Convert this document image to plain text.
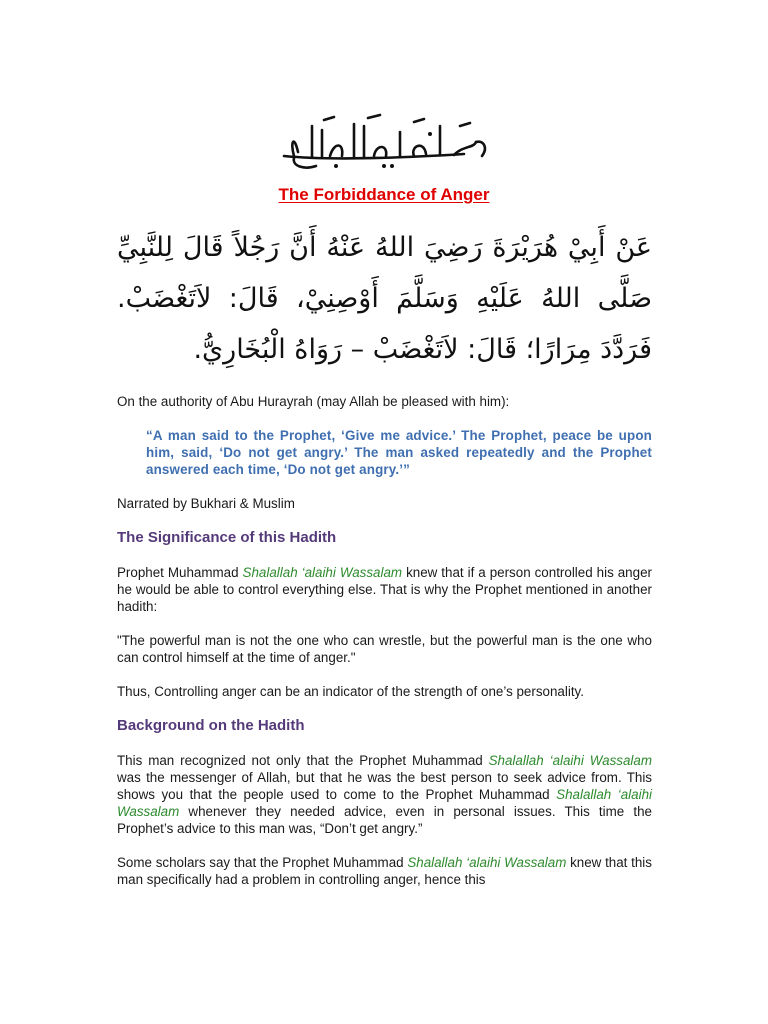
The Forbiddance of Anger
عَنْ أَبِيْ هُرَيْرَةَ رَضِيَ اللهُ عَنْهُ أَنَّ رَجُلاً قَالَ لِلنَّبِيِّ صَلَّى اللهُ عَلَيْهِ وَسَلَّمَ أَوْصِنِيْ، قَالَ: لاَتَغْضَبْ. فَرَدَّدَ مِرَارًا؛ قَالَ: لاَتَغْضَبْ – رَوَاهُ الْبُخَارِيُّ.

On the authority of Abu Hurayrah (may Allah be pleased with him):

“A man said to the Prophet, ‘Give me advice.’ The Prophet, peace be upon him, said, ‘Do not get angry.’ The man asked repeatedly and the Prophet answered each time, ‘Do not get angry.’”

Narrated by Bukhari & Muslim

The Significance of this Hadith

Prophet Muhammad Shalallah ‘alaihi Wassalam knew that if a person controlled his anger he would be able to control everything else. That is why the Prophet mentioned in another hadith:

"The powerful man is not the one who can wrestle, but the powerful man is the one who can control himself at the time of anger."

Thus, Controlling anger can be an indicator of the strength of one’s personality.

Background on the Hadith

This man recognized not only that the Prophet Muhammad Shalallah ‘alaihi Wassalam  was the messenger of Allah, but that he was the best person to seek advice from. This shows you that the people used to come to the Prophet Muhammad Shalallah ‘alaihi Wassalam whenever they needed advice, even in personal issues. This time the Prophet’s advice to this man was, “Don’t get angry.”

Some scholars say that the Prophet Muhammad Shalallah ‘alaihi Wassalam knew that this man specifically had a problem in controlling anger, hence this
